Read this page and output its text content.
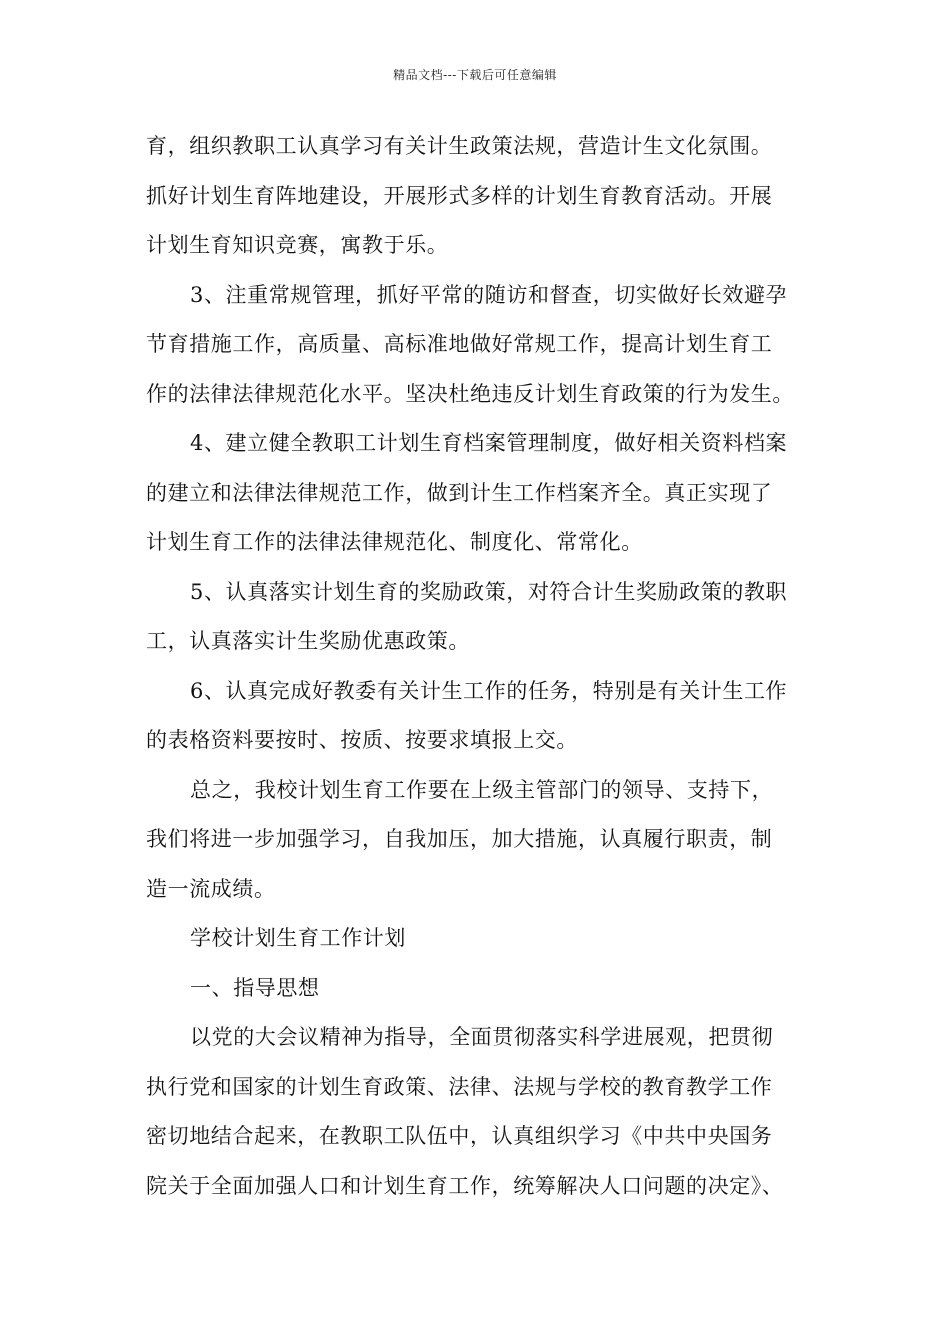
精品文档---下载后可任意编辑
育，组织教职工认真学习有关计生政策法规，营造计生文化氛围。
抓好计划生育阵地建设，开展形式多样的计划生育教育活动。开展
计划生育知识竞赛，寓教于乐。
3、注重常规管理，抓好平常的随访和督查，切实做好长效避孕
节育措施工作，高质量、高标准地做好常规工作，提高计划生育工
作的法律法律规范化水平。坚决杜绝违反计划生育政策的行为发生。
4、建立健全教职工计划生育档案管理制度，做好相关资料档案
的建立和法律法律规范工作，做到计生工作档案齐全。真正实现了
计划生育工作的法律法律规范化、制度化、常常化。
5、认真落实计划生育的奖励政策，对符合计生奖励政策的教职
工，认真落实计生奖励优惠政策。
6、认真完成好教委有关计生工作的任务，特别是有关计生工作
的表格资料要按时、按质、按要求填报上交。
总之，我校计划生育工作要在上级主管部门的领导、支持下，
我们将进一步加强学习，自我加压，加大措施，认真履行职责，制
造一流成绩。
学校计划生育工作计划
一、指导思想
以党的大会议精神为指导，全面贯彻落实科学进展观，把贯彻
执行党和国家的计划生育政策、法律、法规与学校的教育教学工作
密切地结合起来，在教职工队伍中，认真组织学习《中共中央国务
院关于全面加强人口和计划生育工作，统筹解决人口问题的决定》、
